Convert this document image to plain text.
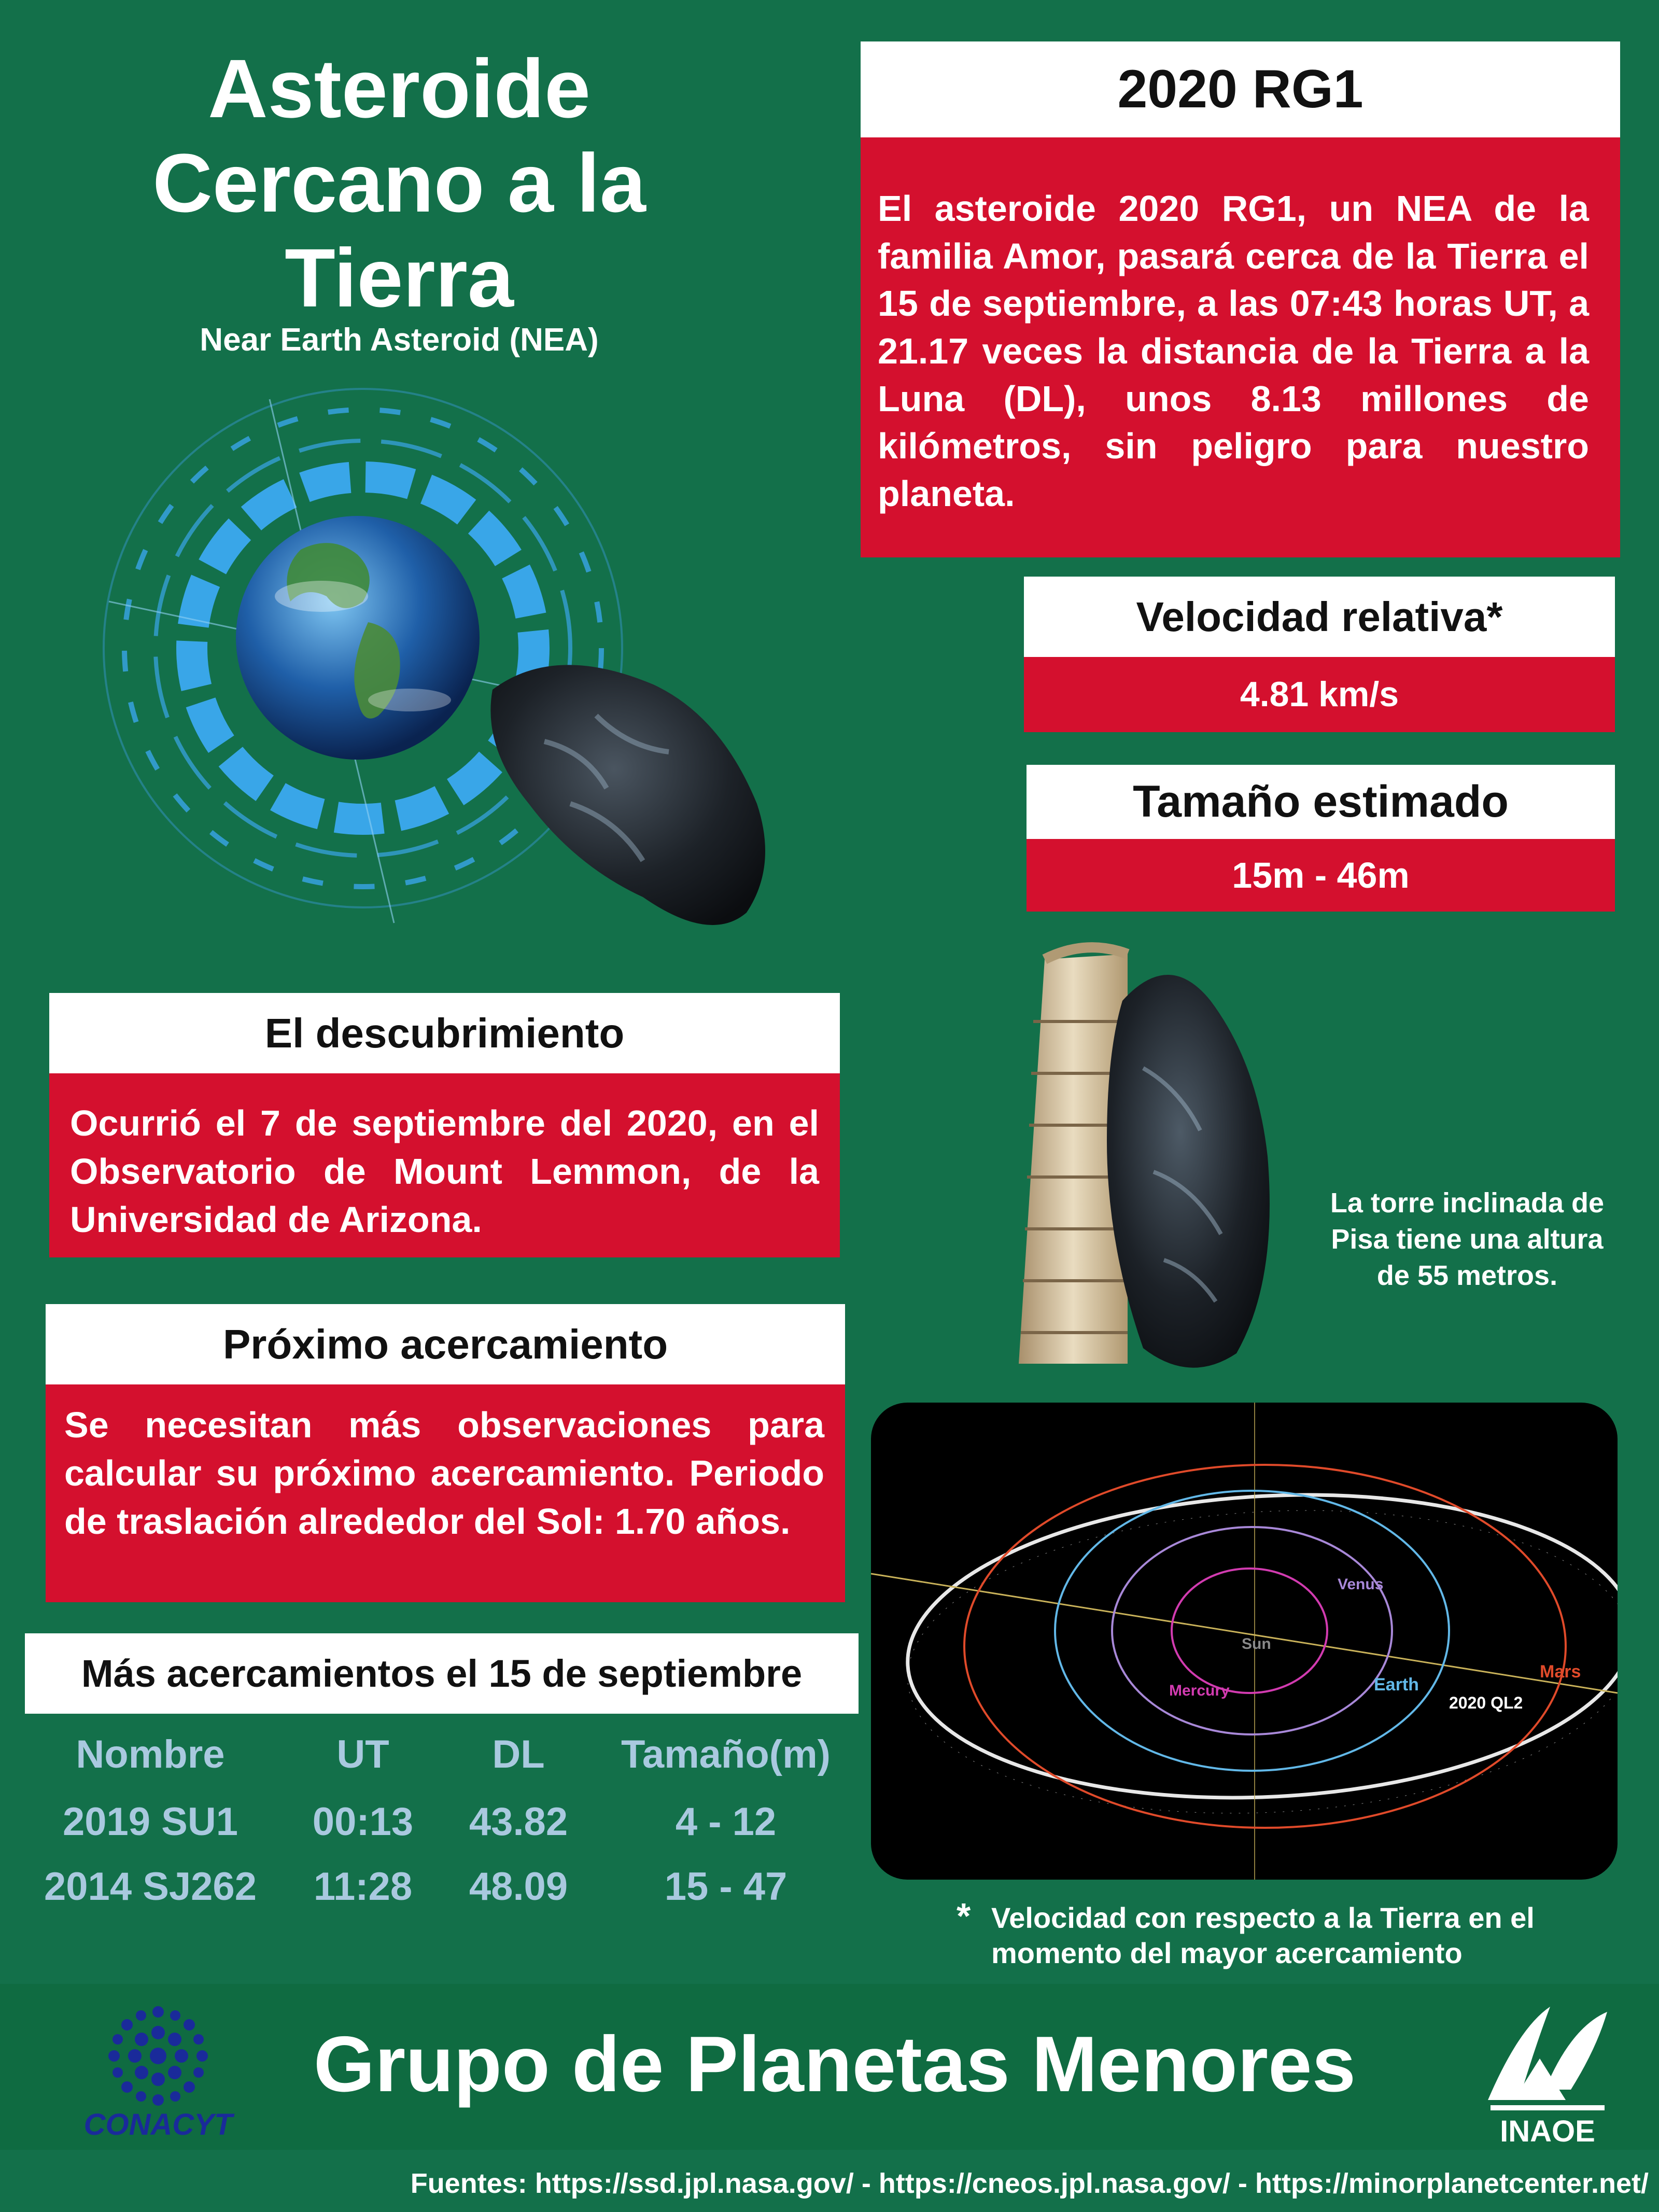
Asteroide
Cercano a la
Tierra
Near Earth Asteroid (NEA)
2020 RG1
El asteroide 2020 RG1, un NEA de la familia Amor, pasará cerca de la Tierra el 15 de septiembre, a las 07:43 horas UT, a 21.17 veces la distancia de la Tierra a la Luna (DL), unos 8.13 millones de kilómetros, sin peligro para nuestro planeta.
Velocidad relativa*
4.81 km/s
Tamaño estimado
15m - 46m
El descubrimiento
Ocurrió el 7 de septiembre del 2020, en el Observatorio de Mount Lemmon, de la Universidad de Arizona.
Próximo acercamiento
Se necesitan más observaciones para calcular su próximo acercamiento. Periodo de traslación alrededor del Sol: 1.70 años.
Más acercamientos el 15 de septiembre
Nombre	UT	DL	Tamaño(m)
2019 SU1	00:13	43.82	4 - 12
2014 SJ262	11:28	48.09	15 - 47
La torre inclinada de Pisa tiene una altura de 55 metros.
Sun
Mercury
Venus
Earth
Mars
2020 QL2
* Velocidad con respecto a la Tierra en el momento del mayor acercamiento
CONACYT
Grupo de Planetas Menores
INAOE
Fuentes: https://ssd.jpl.nasa.gov/ - https://cneos.jpl.nasa.gov/ - https://minorplanetcenter.net/
